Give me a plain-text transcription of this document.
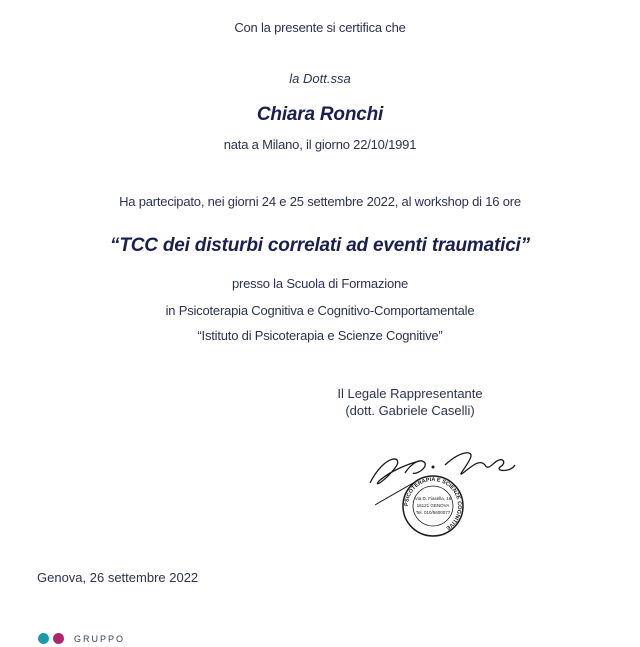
Con la presente si certifica che
la Dott.ssa
Chiara Ronchi
nata a Milano, il giorno 22/10/1991
Ha partecipato, nei giorni 24 e 25 settembre 2022, al workshop di 16 ore
“TCC dei disturbi correlati ad eventi traumatici”
presso la Scuola di Formazione
in Psicoterapia Cognitiva e Cognitivo-Comportamentale
“Istituto di Psicoterapia e Scienze Cognitive”
Il Legale Rappresentante
(dott. Gabriele Caselli)
PSICOTERAPIA E SCIENZE COGNITIVE
Via D. Fiasella, 16
16121 GENOVA
Tel. 010/5600077
Genova, 26 settembre 2022
GRUPPO
